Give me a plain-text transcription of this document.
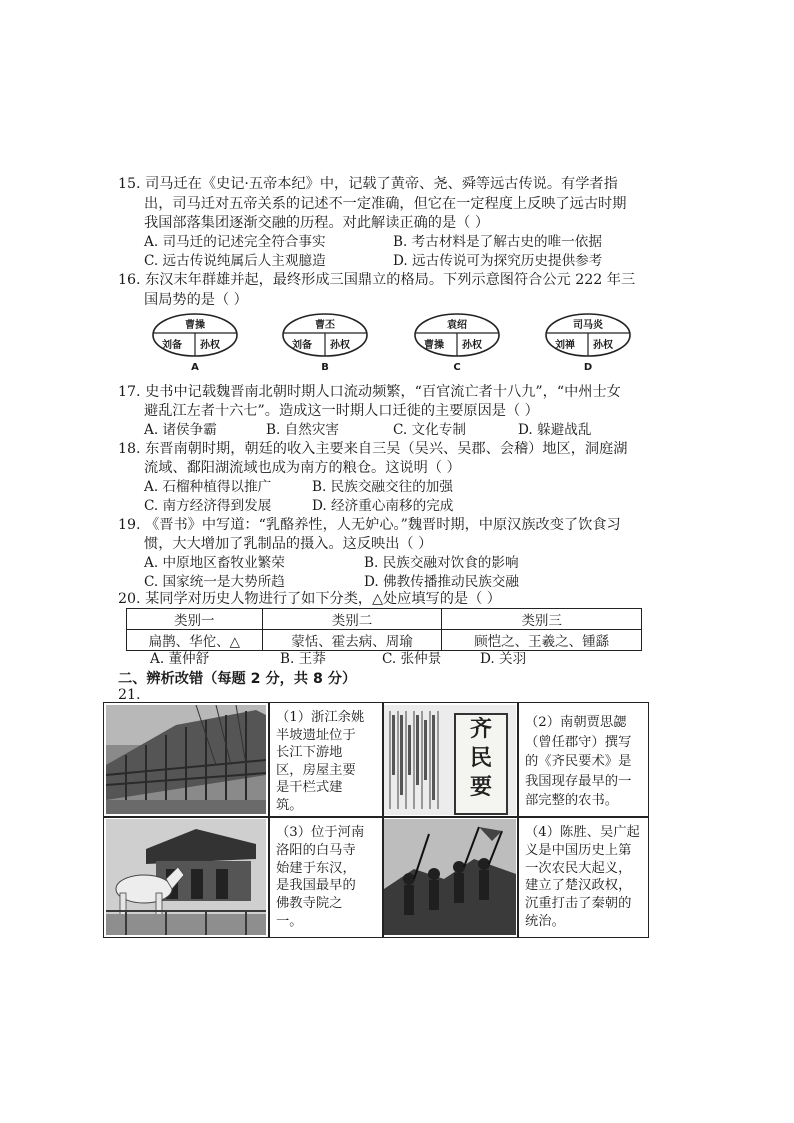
15. 司马迁在《史记·五帝本纪》中，记载了黄帝、尧、舜等远古传说。有学者指
出，司马迁对五帝关系的记述不一定准确，但它在一定程度上反映了远古时期
我国部落集团逐渐交融的历程。对此解读正确的是（ ）
A. 司马迁的记述完全符合事实	B. 考古材料是了解古史的唯一依据
C. 远古传说纯属后人主观臆造	D. 远古传说可为探究历史提供参考
16. 东汉末年群雄并起，最终形成三国鼎立的格局。下列示意图符合公元 222 年三
国局势的是（ ）
曹操
刘备 孙权
A
曹丕
刘备 孙权
B
袁绍
曹操 孙权
C
司马炎
刘禅 孙权
D
17. 史书中记载魏晋南北朝时期人口流动频繁，“百官流亡者十八九”，“中州士女
避乱江左者十六七”。造成这一时期人口迁徙的主要原因是（ ）
A. 诸侯争霸	B. 自然灾害	C. 文化专制	D. 躲避战乱
18. 东晋南朝时期，朝廷的收入主要来自三吴（吴兴、吴郡、会稽）地区，洞庭湖
流域、鄱阳湖流域也成为南方的粮仓。这说明（ ）
A. 石榴种植得以推广	B. 民族交融交往的加强
C. 南方经济得到发展	D. 经济重心南移的完成
19. 《晋书》中写道：“乳酪养性，人无妒心。”魏晋时期，中原汉族改变了饮食习
惯，大大增加了乳制品的摄入。这反映出（ ）
A. 中原地区畜牧业繁荣	B. 民族交融对饮食的影响
C. 国家统一是大势所趋	D. 佛教传播推动民族交融
20. 某同学对历史人物进行了如下分类，△处应填写的是（ ）
类别一	类别二	类别三
扁鹊、华佗、△	蒙恬、霍去病、周瑜	顾恺之、王羲之、锺繇
A. 董仲舒	B. 王莽	C. 张仲景	D. 关羽
二、辨析改错（每题 2 分，共 8 分）
21.
（1）浙江余姚
半坡遗址位于
长江下游地
区，房屋主要
是干栏式建
筑。
齐
民
要
（2）南朝贾思勰
（曾任郡守）撰写
的《齐民要术》是
我国现存最早的一
部完整的农书。
（3）位于河南
洛阳的白马寺
始建于东汉，
是我国最早的
佛教寺院之
一。
（4）陈胜、吴广起
义是中国历史上第
一次农民大起义，
建立了楚汉政权，
沉重打击了秦朝的
统治。
